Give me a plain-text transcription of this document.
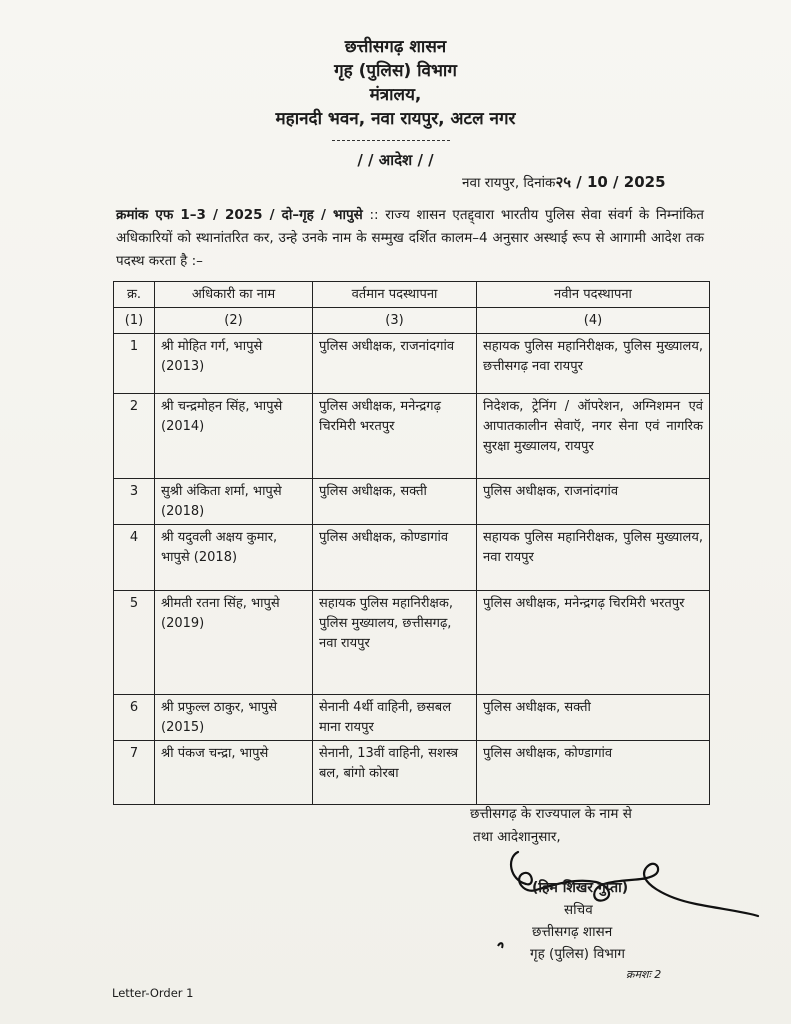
छत्तीसगढ़ शासन
गृह (पुलिस) विभाग
मंत्रालय,
महानदी भवन, नवा रायपुर, अटल नगर
/ / आदेश / /
नवा रायपुर, दिनांक२५ / 10 / 2025
क्रमांक एफ 1–3 / 2025 / दो–गृह / भापुसे :: राज्य शासन एतद्द्वारा भारतीय पुलिस सेवा संवर्ग के निम्नांकित अधिकारियों को स्थानांतरित कर, उन्हे उनके नाम के सम्मुख दर्शित कालम–4 अनुसार अस्थाई रूप से आगामी आदेश तक पदस्थ करता है :–
क्र.	अधिकारी का नाम	वर्तमान पदस्थापना	नवीन पदस्थापना
(1)	(2)	(3)	(4)
1	श्री मोहित गर्ग, भापुसे (2013)	पुलिस अधीक्षक, राजनांदगांव	सहायक पुलिस महानिरीक्षक, पुलिस मुख्यालय, छत्तीसगढ़ नवा रायपुर
2	श्री चन्द्रमोहन सिंह, भापुसे (2014)	पुलिस अधीक्षक, मनेन्द्रगढ़ चिरमिरी भरतपुर	निदेशक, ट्रेनिंग / ऑपरेशन, अग्निशमन एवं आपातकालीन सेवाऍ, नगर सेना एवं नागरिक सुरक्षा मुख्यालय, रायपुर
3	सुश्री अंकिता शर्मा, भापुसे (2018)	पुलिस अधीक्षक, सक्ती	पुलिस अधीक्षक, राजनांदगांव
4	श्री यदुवली अक्षय कुमार, भापुसे (2018)	पुलिस अधीक्षक, कोण्डागांव	सहायक पुलिस महानिरीक्षक, पुलिस मुख्यालय, नवा रायपुर
5	श्रीमती रतना सिंह, भापुसे (2019)	सहायक पुलिस महानिरीक्षक, पुलिस मुख्यालय, छत्तीसगढ़, नवा रायपुर	पुलिस अधीक्षक, मनेन्द्रगढ़ चिरमिरी भरतपुर
6	श्री प्रफुल्ल ठाकुर, भापुसे (2015)	सेनानी 4र्थी वाहिनी, छसबल माना रायपुर	पुलिस अधीक्षक, सक्ती
7	श्री पंकज चन्द्रा, भापुसे	सेनानी, 13वीं वाहिनी, सशस्त्र बल, बांगो कोरबा	पुलिस अधीक्षक, कोण्डागांव
छत्तीसगढ़ के राज्यपाल के नाम से
तथा आदेशानुसार,
(हिम शिखर गुप्ता)
सचिव
छत्तीसगढ़ शासन
गृह (पुलिस) विभाग
क्रमशः 2
Letter-Order 1
